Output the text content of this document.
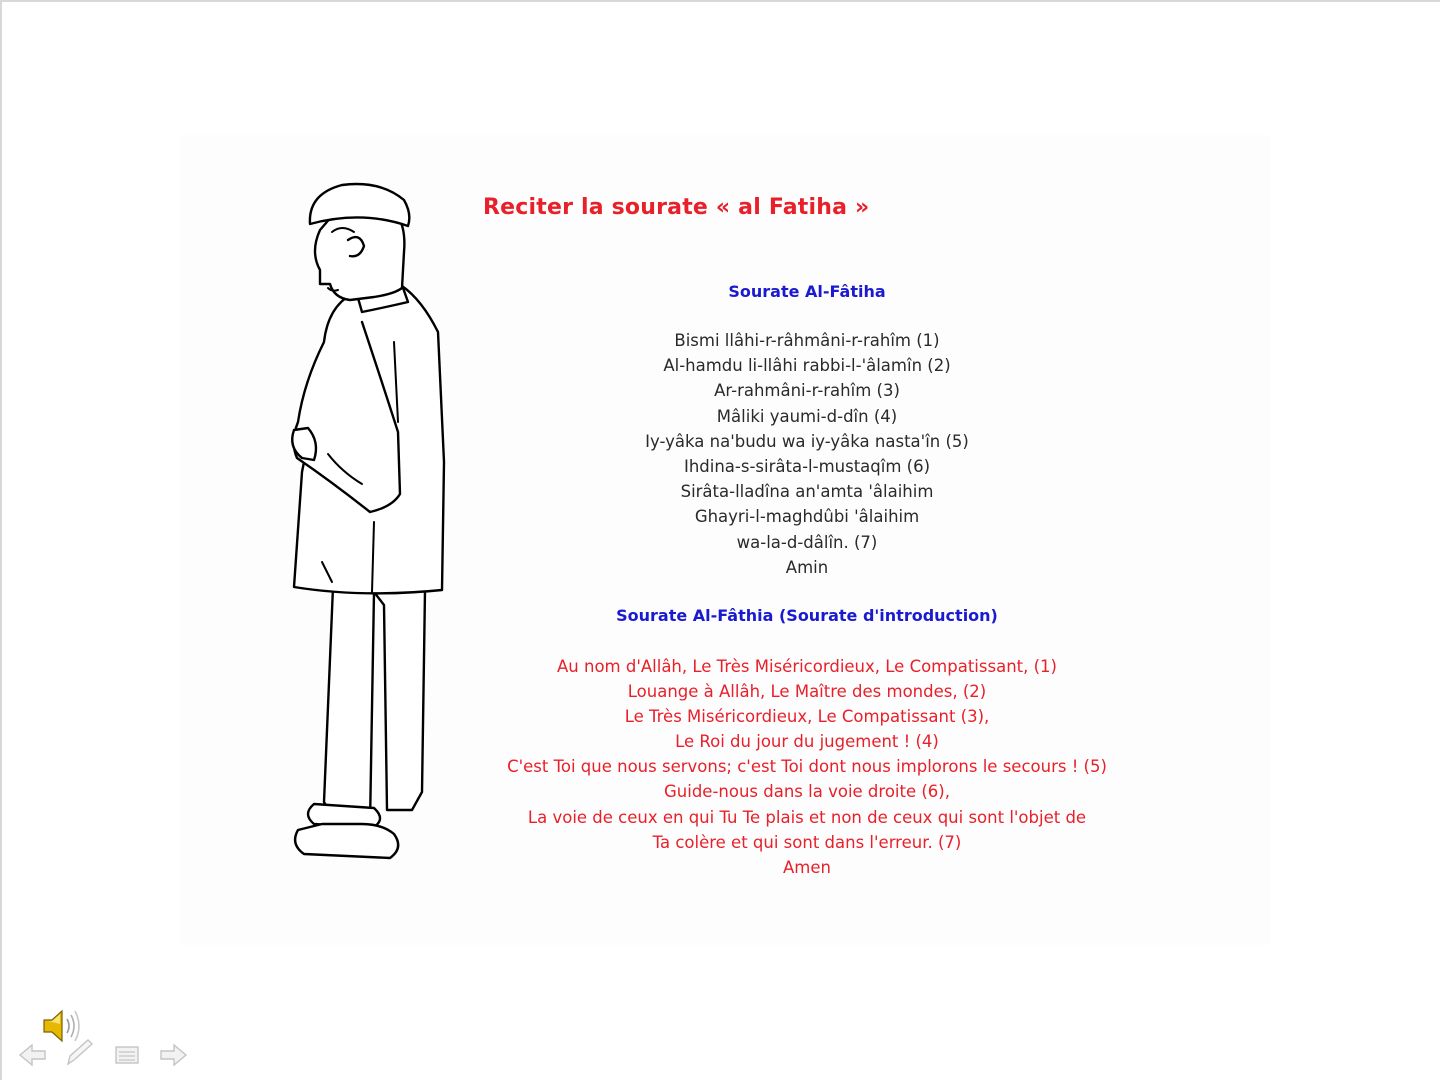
Reciter la sourate « al Fatiha »
Sourate Al-Fâtiha
Bismi llâhi-r-râhmâni-r-rahîm (1)
Al-hamdu li-llâhi rabbi-l-'âlamîn (2)
Ar-rahmâni-r-rahîm (3)
Mâliki yaumi-d-dîn (4)
Iy-yâka na'budu wa iy-yâka nasta'în (5)
Ihdina-s-sirâta-l-mustaqîm (6)
Sirâta-lladîna an'amta 'âlaihim
Ghayri-l-maghdûbi 'âlaihim
wa-la-d-dâlîn. (7)
Amin
Sourate Al-Fâthia (Sourate d'introduction)
Au nom d'Allâh, Le Très Miséricordieux, Le Compatissant, (1)
Louange à Allâh, Le Maître des mondes, (2)
Le Très Miséricordieux, Le Compatissant (3),
Le Roi du jour du jugement ! (4)
C'est Toi que nous servons; c'est Toi dont nous implorons le secours ! (5)
Guide-nous dans la voie droite (6),
La voie de ceux en qui Tu Te plais et non de ceux qui sont l'objet de
Ta colère et qui sont dans l'erreur. (7)
Amen
